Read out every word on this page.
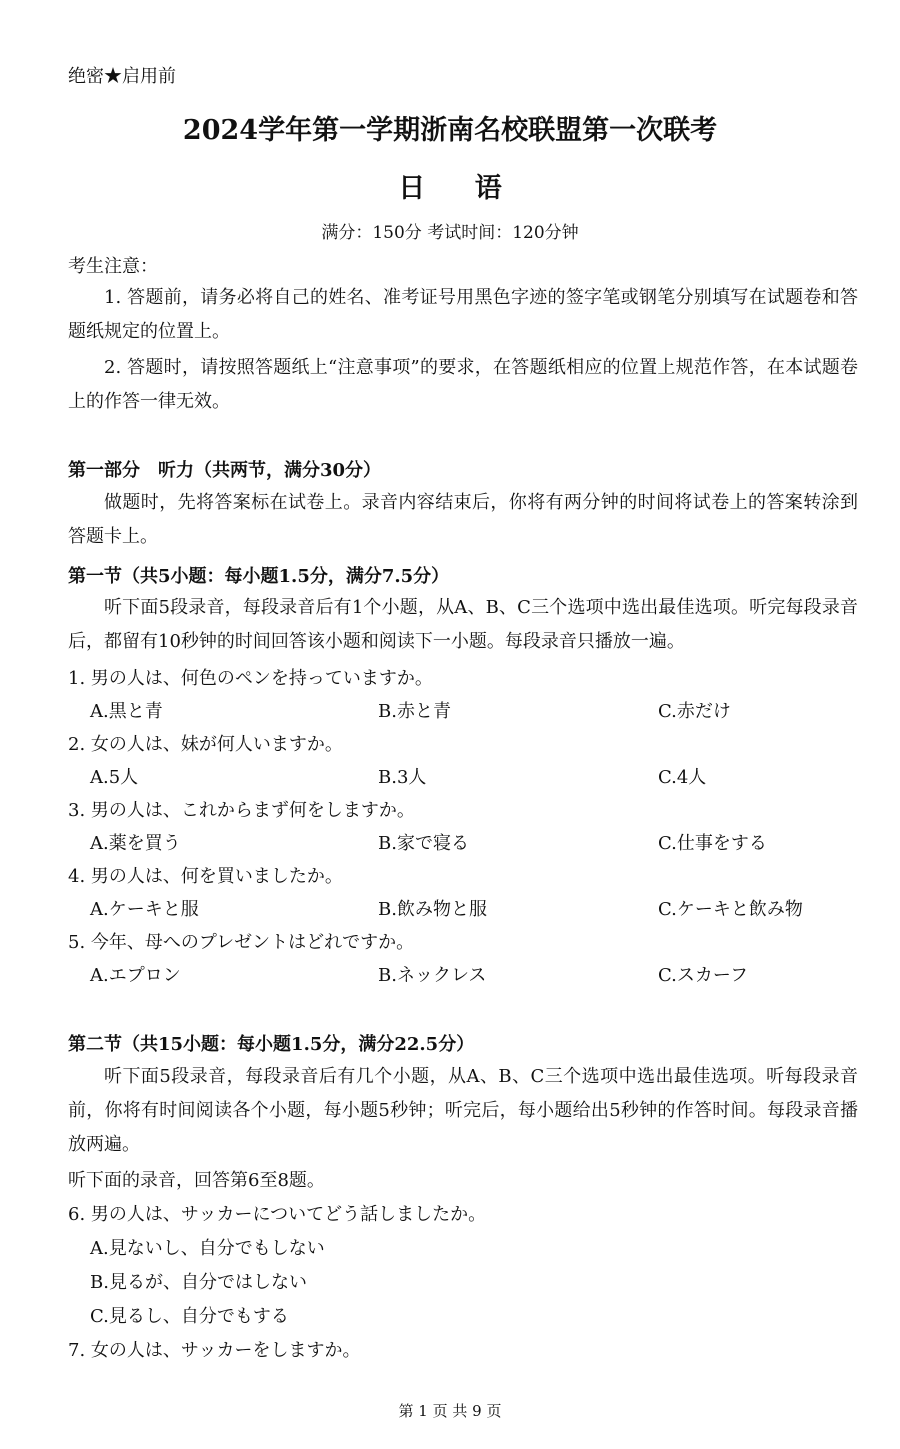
绝密★启用前
2024学年第一学期浙南名校联盟第一次联考
日 语
满分：150分 考试时间：120分钟
考生注意：
1. 答题前，请务必将自己的姓名、准考证号用黑色字迹的签字笔或钢笔分别填写在试题卷和答题纸规定的位置上。
2. 答题时，请按照答题纸上“注意事项”的要求，在答题纸相应的位置上规范作答，在本试题卷上的作答一律无效。
第一部分　听力（共两节，满分30分）
做题时，先将答案标在试卷上。录音内容结束后，你将有两分钟的时间将试卷上的答案转涂到答题卡上。
第一节（共5小题：每小题1.5分，满分7.5分）
听下面5段录音，每段录音后有1个小题，从A、B、C三个选项中选出最佳选项。听完每段录音后，都留有10秒钟的时间回答该小题和阅读下一小题。每段录音只播放一遍。
1. 男の人は、何色のペンを持っていますか。
A.黒と青	B.赤と青	C.赤だけ
2. 女の人は、妹が何人いますか。
A.5人	B.3人	C.4人
3. 男の人は、これからまず何をしますか。
A.薬を買う	B.家で寝る	C.仕事をする
4. 男の人は、何を買いましたか。
A.ケーキと服	B.飲み物と服	C.ケーキと飲み物
5. 今年、母へのプレゼントはどれですか。
A.エプロン	B.ネックレス	C.スカーフ
第二节（共15小题：每小题1.5分，满分22.5分）
听下面5段录音，每段录音后有几个小题，从A、B、C三个选项中选出最佳选项。听每段录音前，你将有时间阅读各个小题，每小题5秒钟；听完后，每小题给出5秒钟的作答时间。每段录音播放两遍。
听下面的录音，回答第6至8题。
6. 男の人は、サッカーについてどう話しましたか。
A.見ないし、自分でもしない
B.見るが、自分ではしない
C.見るし、自分でもする
7. 女の人は、サッカーをしますか。
第 1 页 共 9 页
